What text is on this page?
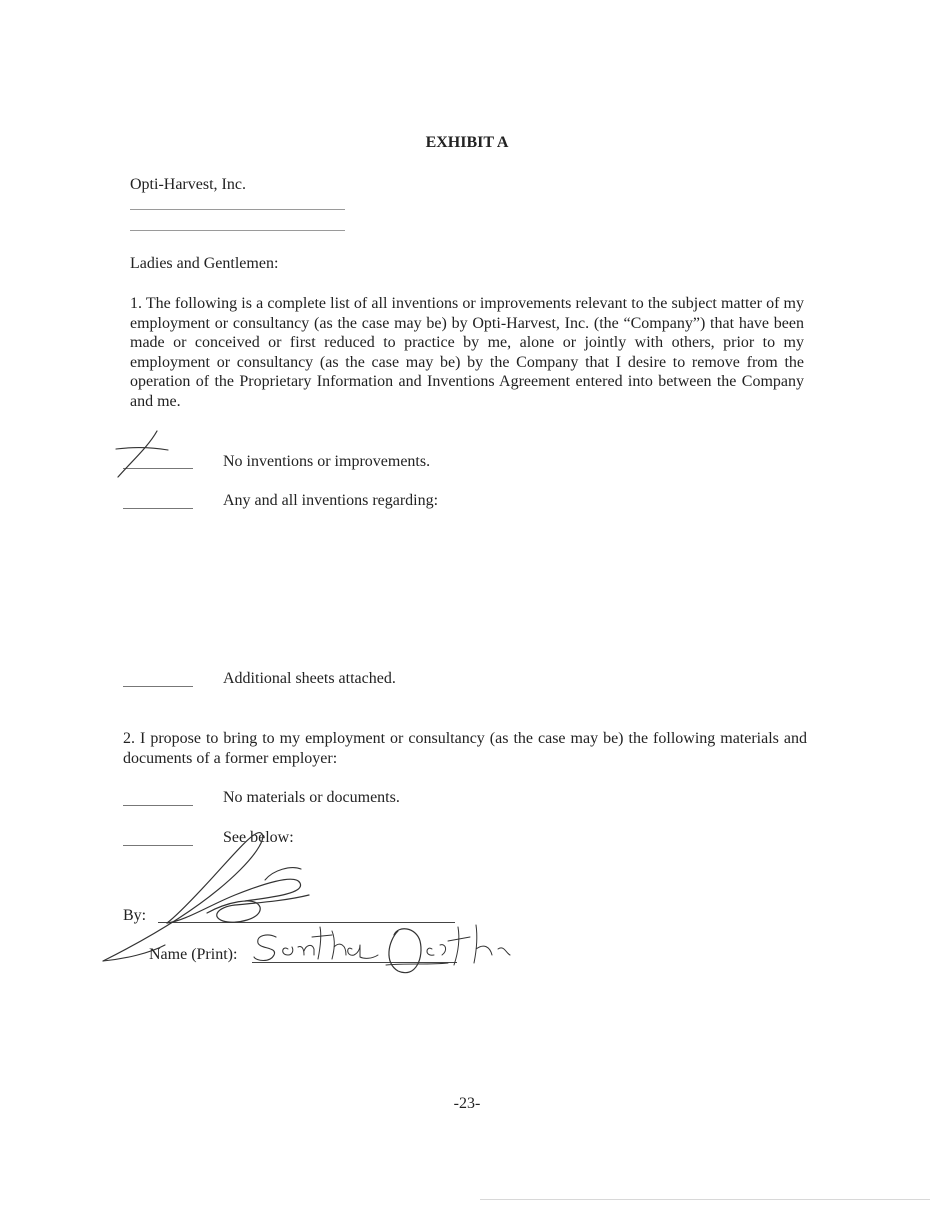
EXHIBIT A
Opti-Harvest, Inc.
Ladies and Gentlemen:
1. The following is a complete list of all inventions or improvements relevant to the subject matter of my employment or consultancy (as the case may be) by Opti-Harvest, Inc. (the “Company”) that have been made or conceived or first reduced to practice by me, alone or jointly with others, prior to my employment or consultancy (as the case may be) by the Company that I desire to remove from the operation of the Proprietary Information and Inventions Agreement entered into between the Company and me.
No inventions or improvements.
Any and all inventions regarding:
Additional sheets attached.
2. I propose to bring to my employment or consultancy (as the case may be) the following materials and documents of a former employer:
No materials or documents.
See below:
By:
Name (Print):
-23-
